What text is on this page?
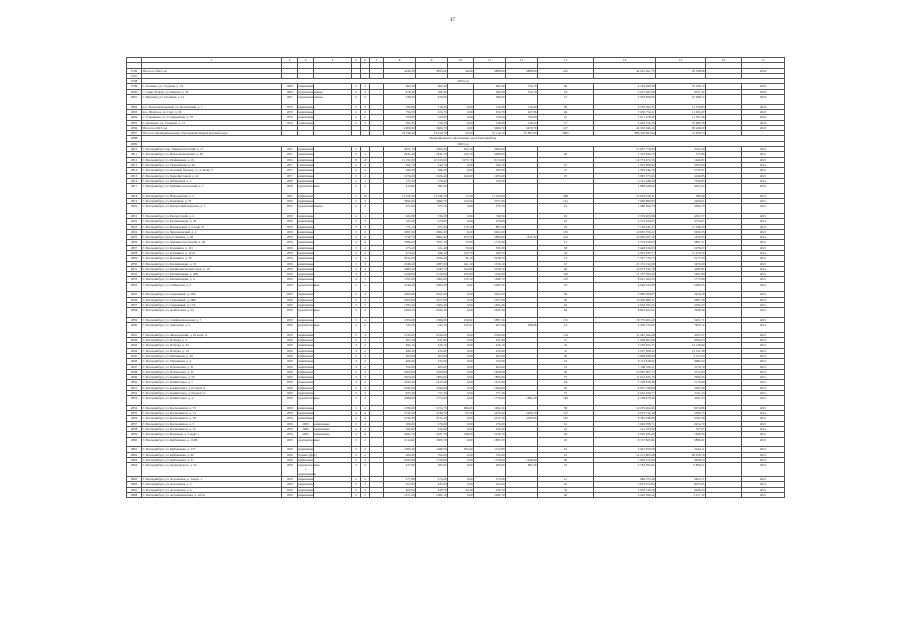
47
	1	2	3	4	5	6	7	8	9	10	11	12	13	14	15	16	17

2796	Итого по 2022 год							4198,30	3853,60	46,00	3808,00	3808,00	291	44 291 361,72	39 198,98		2022
2797																	
2798	2023 год																
2799	С. Кочнево, ул. Садовая, д. 12	1968	кирпичные		2	2		602,30	602,40		602,40	722,70	46	4 319 908,38	10 358,13		2023
2800	с. Санкт-Егорка, ул. Кирова, д. 78	1968	крупнопанельные		2	2		478,20	392,60		392,60	352,70	24	3 657 463,58	9571,21		2023
2801	с. Ирбинки, ул. Гагарина, д. 12	1967	крупнопанельные		2	2		538,30	476,60		398,00		21	3 956 858,96	10 968,72		2023
2802	пос. Пользовательский, ул. Петровский, д. 7	1970	кирпичные		2	2		322,80	716,20	0,00	716,20	716,20	49	6 279 362,37	11 576,83		2023
2803	пос. Шахтное, ул. Гарт, д. 90	1970	кирпичные		2	2		756,50	674,70	0,00	674,70	627,96	46	7 650 754,11	11 063,47		2023
2804	С. Ельниково, ул. Станционная, д. 78	1970	кирпичные		2	2		706,80	720,90	0,00	720,60	720,60	21	7 671 678,40	11 811,48		2023
2805	С. Козьково, ул. Гагарина, д. 15	1976	панельные		2	1		295,45	316,50	0,00	318,00	318,54	17	3 494 752,50	10 986,78		2023
2806	Итого по 2023 год							4 000,00	3684,70	0,00	3684,70	3470,70	217	44 303 046,12	38 448,00		2023
2807	Итого по Муниципальному образованию Кировградский округ							78 536,30	74 914,70	25,00	74 114,70	67 891,00	3895	886 356 603,64	11 958,73		–
2808	Муниципальное образование город Екатеринбург																
2809	2020 год																
2810	Г. Екатеринбург, пер. Университетский, д. 11	1931	кирпичные		5			4927,70	4309,20	605,20	3684,00			17 857 779,85	4143,29		2021
2811	Г. Екатеринбург, ул. Вокзальная/Азина, д. 48	1931	кирпичные		3	1		2445,40	2432,70	143,70	2289,00		46	1 376 826,74	575,99		2021
2812	Г. Екатеринбург, ул. Шейнкмана, д. 19	1934	кирпичные		8	10		11 251,00	10 613,00	3273,70	9113,00			14 753 472,35	1446,81		2021
2813	Г. Екатеринбург, ул. Гвардейская, д. 46	1957	смешанные		2	2		362,70	344,70	0,00	344,70		21	1 022 808,82	2955,64		2021
2814	Г. Екатеринбург, ул. Осенний бульвар, д. 12 литер Э	1957	кирпичные		2	2		620,30	566,30	0,00	566,30		21	1 583 446,76	2732,97		2021
2815	Г. Екатеринбург, ул. Бори-Кустовой, д. 22	1957	кирпичные		3	2		1376,60	1626,40	420,60	1205,60		25	5 095 575,95	4246,85		2021
2816	Г. Екатеринбург, ул. Фабричная, д. 2	1958	кирпичные		2	1		513,50	276,00		276,00			2 115 448,36	7342,85		2021
2817	Г. Екатеринбург, ул. Машиностроителей, д. 3	1958	крупноблочные		2	2		413,80	385,50					1 888 428,66	4623,43		2021
2818	Г. Екатеринбург, ул. Новодарская, д. 2	1961	кирпичные		7	10		11 555,20	12 036,70	11,00	11 220,00		388	12 652 819,21	588,46		2021
2819	Г. Екатеринбург, ул. Каменная, д. 76	1956	кирпичные		5	4		3996,60	3669,70	123,60	3377,00		161	7 066 899,83	2269,01		2021
2820	Г. Екатеринбург, ул. Бисертский переулок, д. 7	1955	крупнопанельные		2	2		471,80	375,70	0,00	375,70		21	1 080 056,70	2624,15		2021
2821	Г. Екатеринбург, ул. Белорусский, д. 4	1959	кирпичные		2	1		621,80	746,50	0,00	746,50		45	3 576 403,90	4521,57		2021
2822	Г. Екатеринбург, ул. Бахчиванджи, д. 20	1959	кирпичные		3	3		325,40	270,60	0,00	270,60		25	2 731 256,67	9774,67		2021
2823	Г. Екатеринбург, ул. Пионерский, д. 6 корп. Б	1959	кирпичные		3	2		775,10	977,20	170,10	807,20		34	7 756 445,47	11 358,20		2021
2824	Г. Екатеринбург, ул. Черноморский, д. 2	1959	кирпичные		3	2		3997,60	2962,20	0,00	2262,20		135	10 981 553,21	2932,25		2021
2825	Г. Екатеринбург, просп. Ленина, д. 69	1959	кирпичные		3	8		7156,70	6864,42	972,50	5894,00	1812,32	224	10 000 267,16	1434,35		2021
2826	Г. Екатеринбург, ул. Машиностроителей, д. 40	1959	кирпичные		5	4		3386,60	1957,10	73,80	1714,40		17	2 575 810,05	3861,57		2021
2827	Г. Екатеринбург, ул. Калинина, д. 101	1959	кирпичные		3	2		675,20	611,40	79,90	595,30		38	3 448 919,03	5678,27		2021
2828	Г. Екатеринбург, ул. Калинина, д. 101А	1959	кирпичные		3	2		673,40	646,10	123,70	640,70		44	4 935 630,77	11 476,26		2021
2829	Г. Екатеринбург, ул. Калинина, д. 78	1959	кирпичные		3	3		2474,50	2329,40	42,10	2038,70		13	7 527 779,75	3177,50		2021
2830	Г. Екатеринбург, ул. Бахчиванджи, д. 35	1959	кирпичные		3	3		2048,20	2087,60	641,10	1726,10		47	21 176 152,09	5470,00		2021
2831	Г. Екатеринбург, ул. Бакинских Комиссаров, д. 16	1959	кирпичные		3	3		3984,20	3543,70	164,80	3196,70		96	16 053 035,78	4485,81		2021
2832	Г. Екатеринбург, ул. Бахчиванджи, д. 40Б	1959	кирпичные		3	3		1459,00	1316,60	103,00	1192,60		100	11 537 593,44	5461,80		2021
2833	Г. Екатеринбург, ул. Бахчиванджи, д. 6	1959	кирпичные		4	5		1765,60	1665,00	513,10	1286,70		110	8 067 465,03	1775,06		2021
2834	Г. Екатеринбург, ул. Сибирская, д. 2	1959	крупноблочные		2	2		2140,40	2095,20	0,00	2095,20		76	4 046 613,00	2080,25		2021
2835	Г. Екатеринбург, ул. Сиреневый, д. 28А	1959	кирпичные		5	4		3093,80	2911,00	0,00	2911,00		48	5 866 000,87	3476,26		2021
2836	Г. Екатеринбург, ул. Сиреневый, д. 28В	1959	кирпичные		5	3		3205,80	1077,00	0,00	1077,00		56	10 020 889,11	2897,36		2021
2837	Г. Екатеринбург, ул. Сиреневый, д. 17А	1959	кирпичные		3	2		1795,40	1604,40	0,00	1604,40		44	4 918 595,25	2795,27		2021
2838	Г. Екатеринбург, ул. Донбасская, д. 32	1959	крупноблочные		5	4		2996,20	2645,30	0,00	2645,30		94	8 893 202,61	3298,39		2021
2839	Г. Екатеринбург, ул. Симферопольская, д. 7	1959	кирпичные		5	4		1500,60	1584,00	236,92	5887,10		131	18 779 663,40	3201,71		2021
2840	Г. Екатеринбург, ул. Заводская, д. 2	1959	крупноблочные		3	2		535,50	432,10	125,07	407,09	498,68	14	4 450 723,64	7905,72		2021
2841	Г. Екатеринбург, ул. Фёдоровский, д. 62 корп. А	1959	кирпичные		5	4		2745,00	2534,00	0,00	2534,00		134	11 481 366,40	4523,37		2021
2842	Г. Екатеринбург, ул. Победы, д. 3	1959	кирпичные		3	2		465,10	431,80	0,00	431,80		31	1 008 603,06	4592,03		2021
2843	Г. Екатеринбург, ул. Победы, д. 32	1959	кирпичные		3	2		484,10	426,10	0,00	426,10		34	5 230 953,73	12 136,82		2021
2844	Г. Екатеринбург, ул. Победы, д. 14	1959	кирпичные		3	2		486,30	433,00	0,00	433,00		31	3 507 308,22	13 151,58		2021
2845	Г. Екатеринбург, ул. Машинная, д. 39	1959	кирпичные		3	2		403,00	405,60	0,00	405,60		28	3 848 838,54	3 157,03		2021
2846	Г. Екатеринбург, ул. Машинная, д. 4	1959	кирпичные		3	2		466,60	515,00	0,00	515,00		23	6 113 818,64	9684,54		2021
2847	Г. Екатеринбург, ул. Пензенская, д. 31	1959	кирпичные		3	2		556,90	463,00	0,00	463,00		31	7 148 539,11	3176,79		2021
2848	Г. Екатеринбург, ул. Пензенская, д. 35	1959	кирпичные		3	2		2002,00	1830,00	0,00	1830,00		42	10 087 807,77	3772,43		2021
2849	Г. Екатеринбург, ул. Коминтерна, д. 56	1959	кирпичные		3	3		2074,00	1893,00	0,00	1893,00		75	11 012 325,76	5956,25		2021
2850	Г. Екатеринбург, ул. Коминтерна, д. 7	1959	кирпичные		3	2		2043,40	1415,40	0,00	1415,40		64	7 799 818,38	5172,84		2021
2851	Г. Екатеринбург, ул. Коминтерна, д. 61 корп. А	1959	кирпичные		5	4		2646,20	1844,60	0,00	1844,60		97	9 937 338,09	3295,36		2021
2852	Г. Екатеринбург, ул. Коминтерна, д. 66 корп. А	1959	кирпичные		5	4		825,30	771,30	0,00	771,30		37	4 652 220,77	3311,23		2021
2853	Г. Екатеринбург, ул. Коминтерна, д. 4	1959	крупноблочные		3	2		2080,00	1773,60	0,00	1779,00	1882,20	183	6 108 978,49	4561,23		2021
2854	Г. Екатеринбург, ул. Космонавтов, д. 73	1959	кирпичные		3	2		1780,60	1574,70	686,00	1064,10		58	10 270 402,60	8274,89		2021
2855	Г. Екатеринбург, ул. Космонавтов, д. 74	1959	кирпичные		4	4		2732,50	2540,70	65,20	2476,40	2469,70	137	6 653 310,18	2596,15		2021
2856	Г. Екатеринбург, ул. Космонавтов, д. 28	1959	кирпичные		4	4		2726,30	2515,10	0,00	2515,10	2382,90	145	8 385 528,86	3542,56		2021
2857	Г. Екатеринбург, ул. Космонавтов, д. 5	1959	2009	кирпичные	2	2		306,80	276,00	0,00	276,00		16	1 694 708,71	6254,70		2021
2858	Г. Екатеринбург, ул. Космонавтов, д. 32	1959	2009	кирпичные	2	2		294,80	252,00	0,00	252,00		16	141 353,99	527,97		2021
2859	Г. Екатеринбург, ул. Надежды, д. 3 корп. 1	1959	2009	кирпичные	5	4		3665,70	2327,70	198,00	2129,70		66	4 665 365,60	1640,56		2021
2860	Г. Екатеринбург, ул. Куйбышева, д. 112В	1959	крупноблочные		3	2		2114,90	1865,70	0,00	1865,70		43	9 727 825,82	3886,31		2021
2861	Г. Екатеринбург, ул. Куйбышева, д. 175	1959	кирпичные		3	2		1683,40	1489,50	302,60	1174,80		61	3 942 879,58	2444,11		2021
2862	Г. Екатеринбург, ул. Куйбышева, д. 90	1959	бревно (брус)		2	2		406,90	702,60	0,00	702,60		16	12 213 805,28	48 978,74		2021
2863	Г. Екатеринбург, ул. Куйбышева, д. 31	1959	кирпичные		3	2		2045,80	1758,00	0,00	1758,00	1449,00	66	7 696 273,66	4628,23		2021
2864	Г. Екатеринбург, ул. Луначарского, д. 54	1959	крупноблочные с кирпичными		3	2		427,90	283,60	0,00	283,60	897,59	25	2 782 853,94	9 809,27		2021
2865	Г. Екатеринбург, ул. Агрономов, д. 3 корп. 1	1959	кирпичные		2	2		277,80	273,60	0,00	273,60		21	986 275,46	3403,71		2021
2866	Г. Екатеринбург, ул. Агрономов, д. 5	1959	кирпичные		2	2		453,90	433,00	0,00	433,00		26	3 851 813,84	8975,05		2021
2867	Г. Екатеринбург, ул. Агрономов, д. 6	1959	кирпичные		2	2		462,90	430,70	44,30	430,70		32	3 870 129,58	9446,45		2021
2868	Г. Екатеринбург, ул. Агрономическая, д. 10/16	1959	кирпичные		2	2		1271,20	1082,10	0,00	1082,10		40	5 244 582,22	3 157,12		2021
